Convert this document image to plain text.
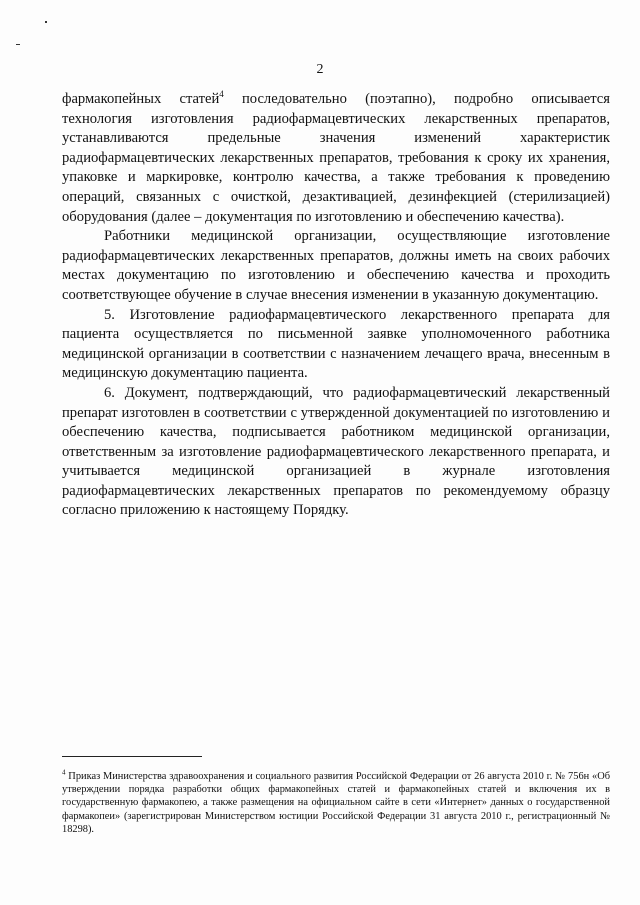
2

фармакопейных статей$^4$ последовательно (поэтапно), подробно описывается технология изготовления радиофармацевтических лекарственных препаратов, устанавливаются предельные значения изменений характеристик радиофармацевтических лекарственных препаратов, требования к сроку их хранения, упаковке и маркировке, контролю качества, а также требования к проведению операций, связанных с очисткой, дезактивацией, дезинфекцией (стерилизацией) оборудования (далее – документация по изготовлению и обеспечению качества).

Работники медицинской организации, осуществляющие изготовление радиофармацевтических лекарственных препаратов, должны иметь на своих рабочих местах документацию по изготовлению и обеспечению качества и проходить соответствующее обучение в случае внесения изменении в указанную документацию.

5. Изготовление радиофармацевтического лекарственного препарата для пациента осуществляется по письменной заявке уполномоченного работника медицинской организации в соответствии с назначением лечащего врача, внесенным в медицинскую документацию пациента.

6. Документ, подтверждающий, что радиофармацевтический лекарственный препарат изготовлен в соответствии с утвержденной документацией по изготовлению и обеспечению качества, подписывается работником медицинской организации, ответственным за изготовление радиофармацевтического лекарственного препарата, и учитывается медицинской организацией в журнале изготовления радиофармацевтических лекарственных препаратов по рекомендуемому образцу согласно приложению к настоящему Порядку.

$^4$ Приказ Министерства здравоохранения и социального развития Российской Федерации от 26 августа 2010 г. № 756н «Об утверждении порядка разработки общих фармакопейных статей и фармакопейных статей и включения их в государственную фармакопею, а также размещения на официальном сайте в сети «Интернет» данных о государственной фармакопеи» (зарегистрирован Министерством юстиции Российской Федерации 31 августа 2010 г., регистрационный № 18298).
